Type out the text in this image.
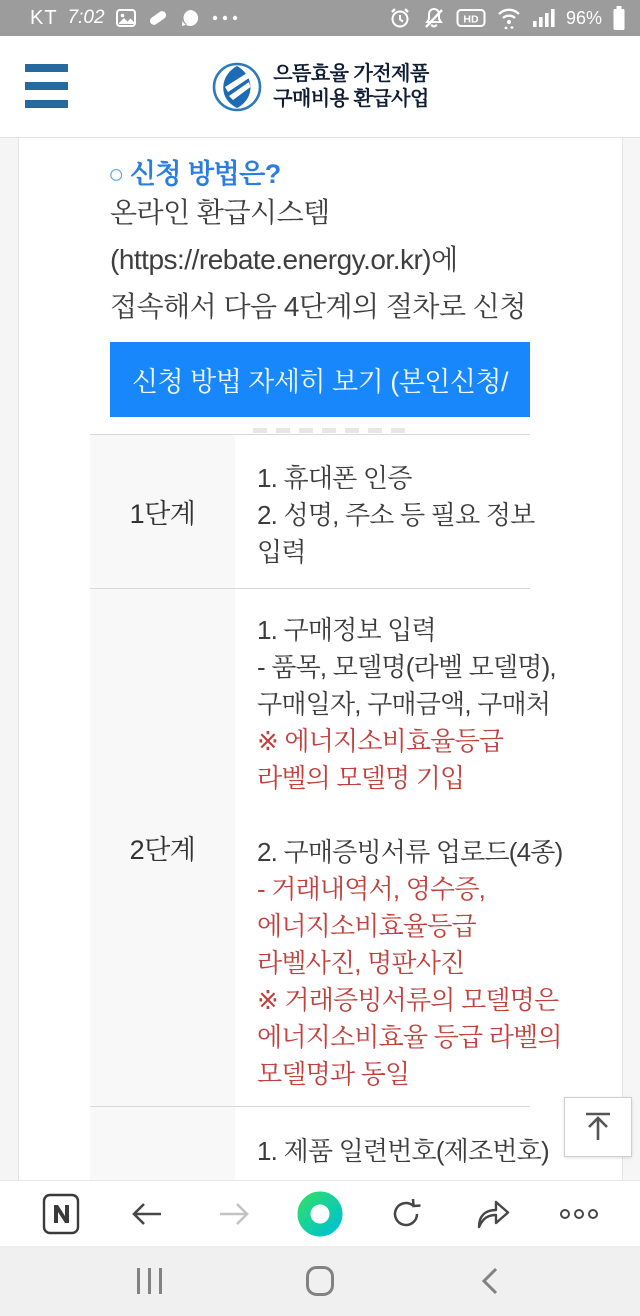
KT 7:02	HD	96%
으뜸효율 가전제품
구매비용 환급사업
○ 신청 방법은?
온라인 환급시스템
(https://rebate.energy.or.kr)에
접속해서 다음 4단계의 절차로 신청
신청 방법 자세히 보기 (본인신청/
1단계
1. 휴대폰 인증
2. 성명, 주소 등 필요 정보
입력
2단계
1. 구매정보 입력
- 품목, 모델명(라벨 모델명),
구매일자, 구매금액, 구매처
※ 에너지소비효율등급
라벨의 모델명 기입
2. 구매증빙서류 업로드(4종)
- 거래내역서, 영수증,
에너지소비효율등급
라벨사진, 명판사진
※ 거래증빙서류의 모델명은
에너지소비효율 등급 라벨의
모델명과 동일
1. 제품 일련번호(제조번호)
